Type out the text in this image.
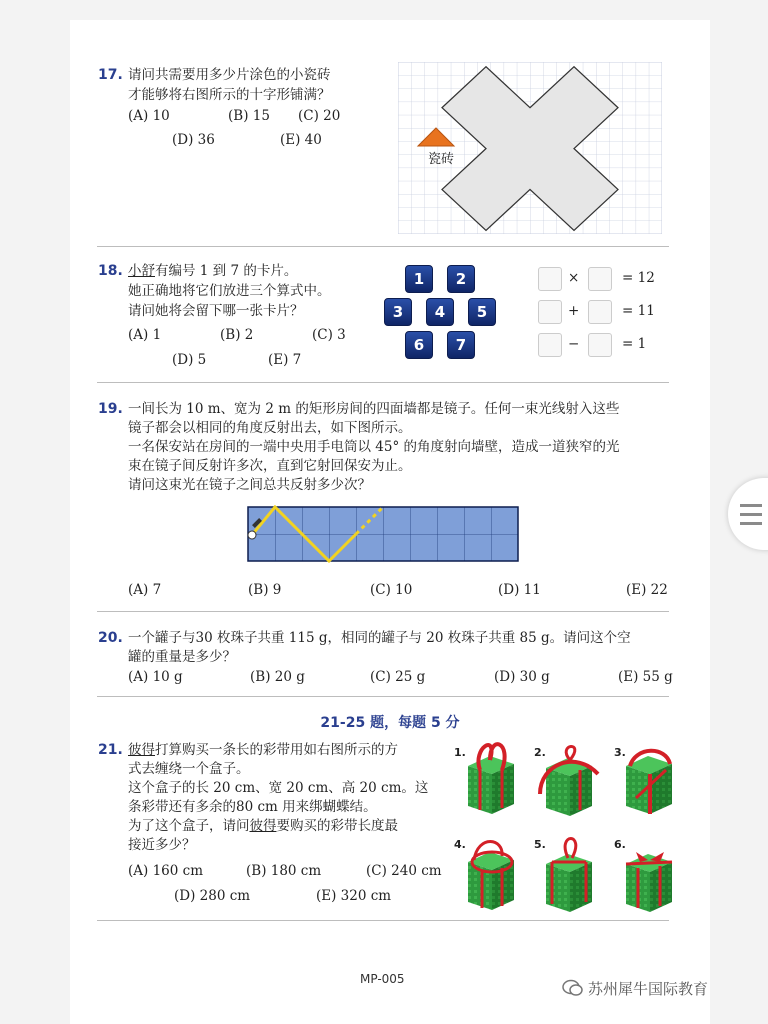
17. 请问共需要用多少片涂色的小瓷砖
才能够将右图所示的十字形铺满？
(A) 10	(B) 15 (C) 20
(D) 36	(E) 40
瓷砖
18. 小舒有编号 1 到 7 的卡片。
她正确地将它们放进三个算式中。
请问她将会留下哪一张卡片？
(A) 1	(B) 2	(C) 3
(D) 5	(E) 7
1	2
3	4	5
6	7
×	= 12
+	= 11
−	= 1
19. 一间长为 10 m、宽为 2 m 的矩形房间的四面墙都是镜子。任何一束光线射入这些
镜子都会以相同的角度反射出去，如下图所示。
一名保安站在房间的一端中央用手电筒以 45° 的角度射向墙壁，造成一道狭窄的光
束在镜子间反射许多次，直到它射回保安为止。
请问这束光在镜子之间总共反射多少次？
(A) 7	(B) 9	(C) 10	(D) 11	(E) 22
20. 一个罐子与30 枚珠子共重 115 g，相同的罐子与 20 枚珠子共重 85 g。请问这个空
罐的重量是多少？
(A) 10 g	(B) 20 g	(C) 25 g	(D) 30 g	(E) 55 g
21-25 题，每题 5 分
21. 彼得打算购买一条长的彩带用如右图所示的方
式去缠绕一个盒子。
这个盒子的长 20 cm、宽 20 cm、高 20 cm。这
条彩带还有多余的80 cm 用来绑蝴蝶结。
为了这个盒子，请问彼得要购买的彩带长度最
接近多少？
(A) 160 cm	(B) 180 cm	(C) 240 cm
(D) 280 cm	(E) 320 cm
1.	2.	3.
4.	5.	6.
MP-005
苏州犀牛国际教育
